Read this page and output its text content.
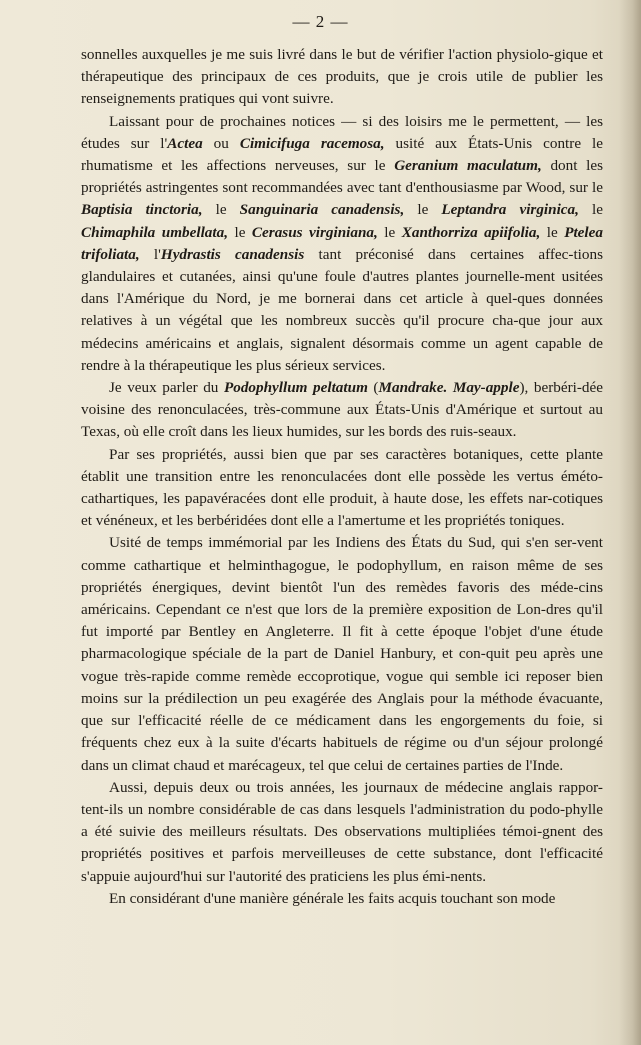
— 2 —

sonnelles auxquelles je me suis livré dans le but de vérifier l'action physiolo-gique et thérapeutique des principaux de ces produits, que je crois utile de publier les renseignements pratiques qui vont suivre.

Laissant pour de prochaines notices — si des loisirs me le permettent, — les études sur l'Actea ou Cimicifuga racemosa, usité aux États-Unis contre le rhumatisme et les affections nerveuses, sur le Geranium maculatum, dont les propriétés astringentes sont recommandées avec tant d'enthousiasme par Wood, sur le Baptisia tinctoria, le Sanguinaria canadensis, le Leptandra virginica, le Chimaphila umbellata, le Cerasus virginiana, le Xanthorriza apiifolia, le Ptelea trifoliata, l'Hydrastis canadensis tant préconisé dans certaines affec-tions glandulaires et cutanées, ainsi qu'une foule d'autres plantes journelle-ment usitées dans l'Amérique du Nord, je me bornerai dans cet article à quel-ques données relatives à un végétal que les nombreux succès qu'il procure cha-que jour aux médecins américains et anglais, signalent désormais comme un agent capable de rendre à la thérapeutique les plus sérieux services.

Je veux parler du Podophyllum peltatum (Mandrake. May-apple), berbéri-dée voisine des renonculacées, très-commune aux États-Unis d'Amérique et surtout au Texas, où elle croît dans les lieux humides, sur les bords des ruis-seaux.

Par ses propriétés, aussi bien que par ses caractères botaniques, cette plante établit une transition entre les renonculacées dont elle possède les vertus éméto-cathartiques, les papavéracées dont elle produit, à haute dose, les effets nar-cotiques et vénéneux, et les berbéridées dont elle a l'amertume et les propriétés toniques.

Usité de temps immémorial par les Indiens des États du Sud, qui s'en ser-vent comme cathartique et helminthagogue, le podophyllum, en raison même de ses propriétés énergiques, devint bientôt l'un des remèdes favoris des méde-cins américains. Cependant ce n'est que lors de la première exposition de Lon-dres qu'il fut importé par Bentley en Angleterre. Il fit à cette époque l'objet d'une étude pharmacologique spéciale de la part de Daniel Hanbury, et con-quit peu après une vogue très-rapide comme remède eccoprotique, vogue qui semble ici reposer bien moins sur la prédilection un peu exagérée des Anglais pour la méthode évacuante, que sur l'efficacité réelle de ce médicament dans les engorgements du foie, si fréquents chez eux à la suite d'écarts habituels de régime ou d'un séjour prolongé dans un climat chaud et marécageux, tel que celui de certaines parties de l'Inde.

Aussi, depuis deux ou trois années, les journaux de médecine anglais rappor-tent-ils un nombre considérable de cas dans lesquels l'administration du podo-phylle a été suivie des meilleurs résultats. Des observations multipliées témoi-gnent des propriétés positives et parfois merveilleuses de cette substance, dont l'efficacité s'appuie aujourd'hui sur l'autorité des praticiens les plus émi-nents.

En considérant d'une manière générale les faits acquis touchant son mode
